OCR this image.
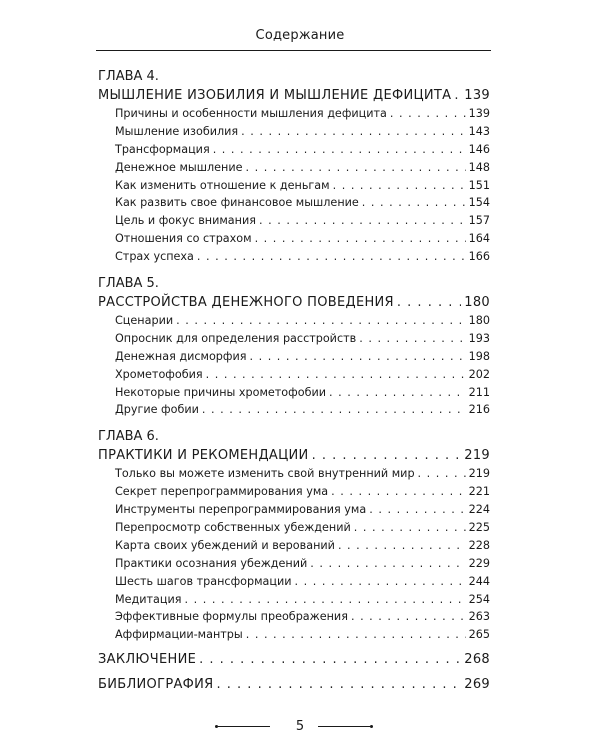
Содержание
ГЛАВА 4.
МЫШЛЕНИЕ ИЗОБИЛИЯ И МЫШЛЕНИЕ ДЕФИЦИТА . . . 139
Причины и особенности мышления дефицита . . .	139
Мышление изобилия . . .	143
Трансформация . . .	146
Денежное мышление . . .	148
Как изменить отношение к деньгам . . .	151
Как развить свое финансовое мышление . . .	154
Цель и фокус внимания . . .	157
Отношения со страхом . . .	164
Страх успеха . . .	166
ГЛАВА 5.
РАССТРОЙСТВА ДЕНЕЖНОГО ПОВЕДЕНИЯ . . .	180
Сценарии . . .	180
Опросник для определения расстройств . . .	193
Денежная дисморфия . . .	198
Хрометофобия . . .	202
Некоторые причины хрометофобии . . .	211
Другие фобии . . .	216
ГЛАВА 6.
ПРАКТИКИ И РЕКОМЕНДАЦИИ . . .	219
Только вы можете изменить свой внутренний мир . . .	219
Секрет перепрограммирования ума . . .	221
Инструменты перепрограммирования ума . . .	224
Перепросмотр собственных убеждений . . .	225
Карта своих убеждений и верований . . .	228
Практики осознания убеждений . . .	229
Шесть шагов трансформации . . .	244
Медитация . . .	254
Эффективные формулы преображения . . .	263
Аффирмации-мантры . . .	265
ЗАКЛЮЧЕНИЕ . . .	268
БИБЛИОГРАФИЯ . . .	269
5
